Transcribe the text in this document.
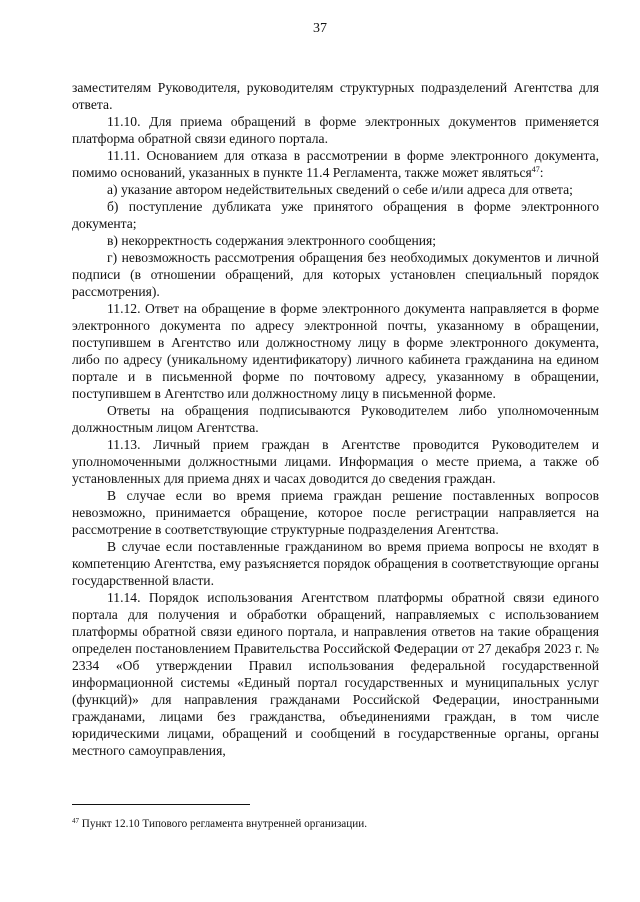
37

заместителям Руководителя, руководителям структурных подразделений Агентства для ответа.

11.10. Для приема обращений в форме электронных документов применяется платформа обратной связи единого портала.

11.11. Основанием для отказа в рассмотрении в форме электронного документа, помимо оснований, указанных в пункте 11.4 Регламента, также может являться$^{47}$:

а) указание автором недействительных сведений о себе и/или адреса для ответа;

б) поступление дубликата уже принятого обращения в форме электронного документа;

в) некорректность содержания электронного сообщения;

г) невозможность рассмотрения обращения без необходимых документов и личной подписи (в отношении обращений, для которых установлен специальный порядок рассмотрения).

11.12. Ответ на обращение в форме электронного документа направляется в форме электронного документа по адресу электронной почты, указанному в обращении, поступившем в Агентство или должностному лицу в форме электронного документа, либо по адресу (уникальному идентификатору) личного кабинета гражданина на едином портале и в письменной форме по почтовому адресу, указанному в обращении, поступившем в Агентство или должностному лицу в письменной форме.

Ответы на обращения подписываются Руководителем либо уполномоченным должностным лицом Агентства.

11.13. Личный прием граждан в Агентстве проводится Руководителем и уполномоченными должностными лицами. Информация о месте приема, а также об установленных для приема днях и часах доводится до сведения граждан.

В случае если во время приема граждан решение поставленных вопросов невозможно, принимается обращение, которое после регистрации направляется на рассмотрение в соответствующие структурные подразделения Агентства.

В случае если поставленные гражданином во время приема вопросы не входят в компетенцию Агентства, ему разъясняется порядок обращения в соответствующие органы государственной власти.

11.14. Порядок использования Агентством платформы обратной связи единого портала для получения и обработки обращений, направляемых с использованием платформы обратной связи единого портала, и направления ответов на такие обращения определен постановлением Правительства Российской Федерации от 27 декабря 2023 г. № 2334 «Об утверждении Правил использования федеральной государственной информационной системы «Единый портал государственных и муниципальных услуг (функций)» для направления гражданами Российской Федерации, иностранными гражданами, лицами без гражданства, объединениями граждан, в том числе юридическими лицами, обращений и сообщений в государственные органы, органы местного самоуправления,

$^{47}$ Пункт 12.10 Типового регламента внутренней организации.
